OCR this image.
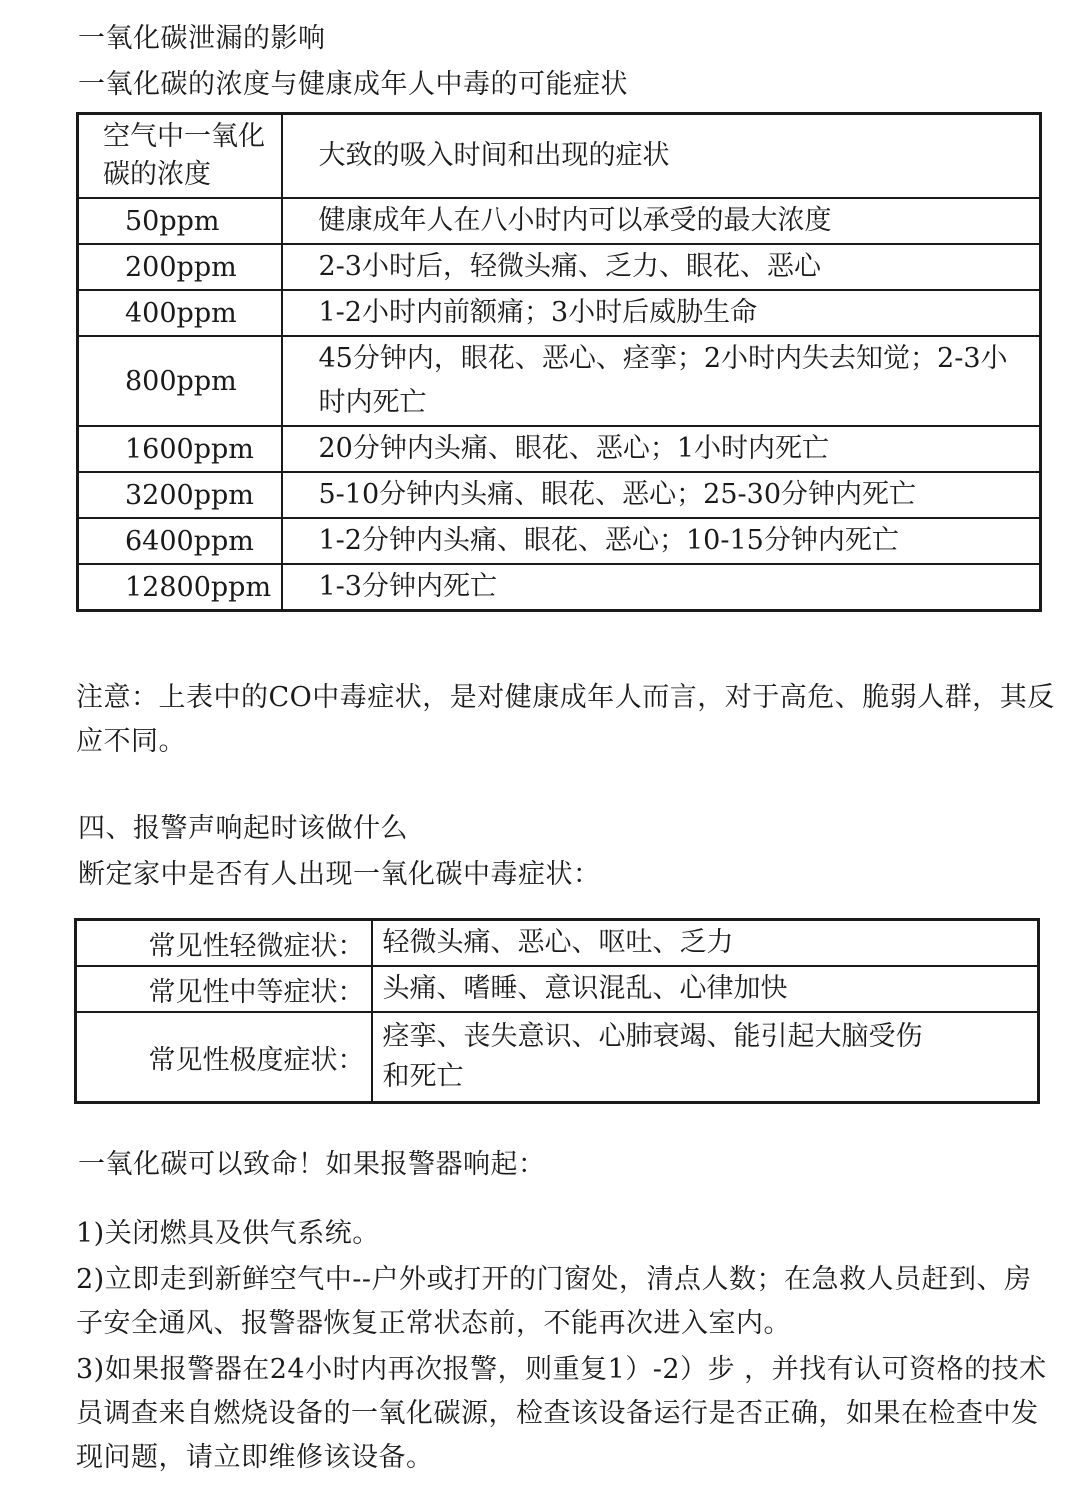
一氧化碳泄漏的影响
一氧化碳的浓度与健康成年人中毒的可能症状
空气中一氧化碳的浓度	大致的吸入时间和出现的症状
50ppm	健康成年人在八小时内可以承受的最大浓度
200ppm	2-3小时后，轻微头痛、乏力、眼花、恶心
400ppm	1-2小时内前额痛；3小时后威胁生命
800ppm	45分钟内，眼花、恶心、痉挛；2小时内失去知觉；2-3小时内死亡
1600ppm	20分钟内头痛、眼花、恶心；1小时内死亡
3200ppm	5-10分钟内头痛、眼花、恶心；25-30分钟内死亡
6400ppm	1-2分钟内头痛、眼花、恶心；10-15分钟内死亡
12800ppm	1-3分钟内死亡
注意：上表中的CO中毒症状，是对健康成年人而言，对于高危、脆弱人群，其反应不同。
四、报警声响起时该做什么
断定家中是否有人出现一氧化碳中毒症状：
常见性轻微症状：	轻微头痛、恶心、呕吐、乏力
常见性中等症状：	头痛、嗜睡、意识混乱、心律加快
常见性极度症状：	痉挛、丧失意识、心肺衰竭、能引起大脑受伤和死亡
一氧化碳可以致命！如果报警器响起：
1)关闭燃具及供气系统。
2)立即走到新鲜空气中--户外或打开的门窗处，清点人数；在急救人员赶到、房子安全通风、报警器恢复正常状态前，不能再次进入室内。
3)如果报警器在24小时内再次报警，则重复1）-2）步 ，并找有认可资格的技术员调查来自燃烧设备的一氧化碳源，检查该设备运行是否正确，如果在检查中发现问题，请立即维修该设备。
